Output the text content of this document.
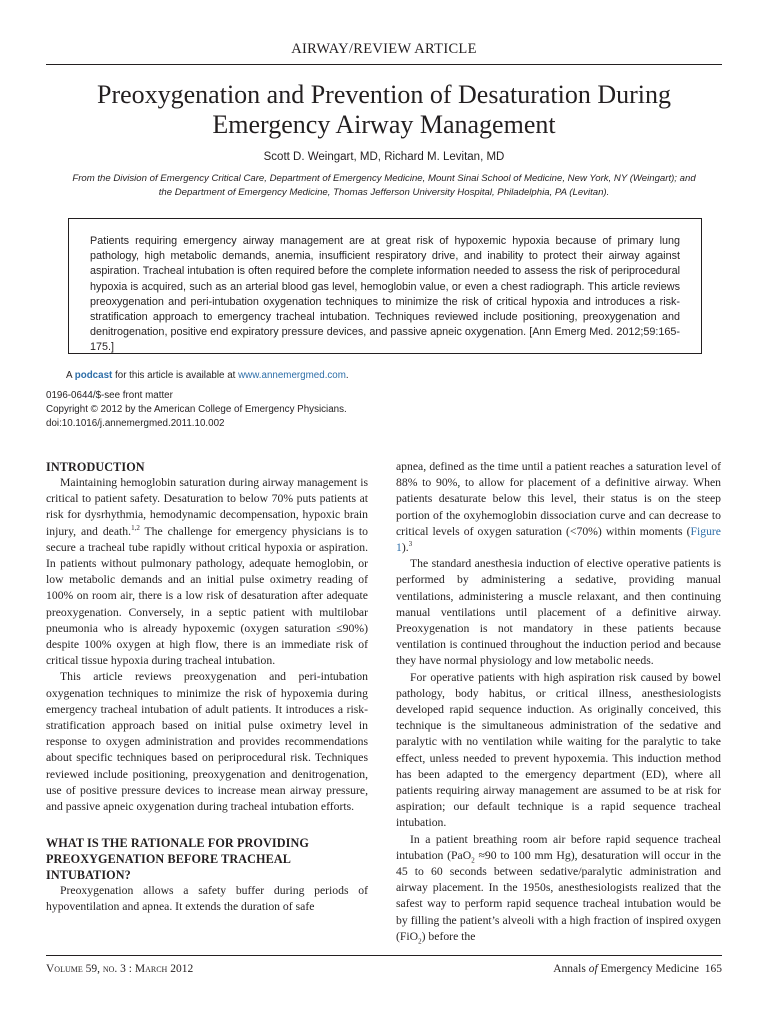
AIRWAY/REVIEW ARTICLE
Preoxygenation and Prevention of Desaturation During
Emergency Airway Management
Scott D. Weingart, MD, Richard M. Levitan, MD
From the Division of Emergency Critical Care, Department of Emergency Medicine, Mount Sinai School of Medicine, New York, NY (Weingart); and
the Department of Emergency Medicine, Thomas Jefferson University Hospital, Philadelphia, PA (Levitan).
Patients requiring emergency airway management are at great risk of hypoxemic hypoxia because of primary lung pathology, high metabolic demands, anemia, insufficient respiratory drive, and inability to protect their airway against aspiration. Tracheal intubation is often required before the complete information needed to assess the risk of periprocedural hypoxia is acquired, such as an arterial blood gas level, hemoglobin value, or even a chest radiograph. This article reviews preoxygenation and peri-intubation oxygenation techniques to minimize the risk of critical hypoxia and introduces a risk-stratification approach to emergency tracheal intubation. Techniques reviewed include positioning, preoxygenation and denitrogenation, positive end expiratory pressure devices, and passive apneic oxygenation. [Ann Emerg Med. 2012;59:165-175.]
A podcast for this article is available at www.annemergmed.com.
0196-0644/$-see front matter
Copyright © 2012 by the American College of Emergency Physicians.
doi:10.1016/j.annemergmed.2011.10.002
INTRODUCTION

Maintaining hemoglobin saturation during airway management is critical to patient safety. Desaturation to below 70% puts patients at risk for dysrhythmia, hemodynamic decompensation, hypoxic brain injury, and death.$^{1,2}$ The challenge for emergency physicians is to secure a tracheal tube rapidly without critical hypoxia or aspiration. In patients without pulmonary pathology, adequate hemoglobin, or low metabolic demands and an initial pulse oximetry reading of 100% on room air, there is a low risk of desaturation after adequate preoxygenation. Conversely, in a septic patient with multilobar pneumonia who is already hypoxemic (oxygen saturation ≤90%) despite 100% oxygen at high flow, there is an immediate risk of critical tissue hypoxia during tracheal intubation.

This article reviews preoxygenation and peri-intubation oxygenation techniques to minimize the risk of hypoxemia during emergency tracheal intubation of adult patients. It introduces a risk-stratification approach based on initial pulse oximetry level in response to oxygen administration and provides recommendations about specific techniques based on periprocedural risk. Techniques reviewed include positioning, preoxygenation and denitrogenation, use of positive pressure devices to increase mean airway pressure, and passive apneic oxygenation during tracheal intubation efforts.

WHAT IS THE RATIONALE FOR PROVIDING
PREOXYGENATION BEFORE TRACHEAL
INTUBATION?

Preoxygenation allows a safety buffer during periods of hypoventilation and apnea. It extends the duration of safe

apnea, defined as the time until a patient reaches a saturation level of 88% to 90%, to allow for placement of a definitive airway. When patients desaturate below this level, their status is on the steep portion of the oxyhemoglobin dissociation curve and can decrease to critical levels of oxygen saturation (<70%) within moments (Figure 1).$^3$

The standard anesthesia induction of elective operative patients is performed by administering a sedative, providing manual ventilations, administering a muscle relaxant, and then continuing manual ventilations until placement of a definitive airway. Preoxygenation is not mandatory in these patients because ventilation is continued throughout the induction period and because they have normal physiology and low metabolic needs.

For operative patients with high aspiration risk caused by bowel pathology, body habitus, or critical illness, anesthesiologists developed rapid sequence induction. As originally conceived, this technique is the simultaneous administration of the sedative and paralytic with no ventilation while waiting for the paralytic to take effect, unless needed to prevent hypoxemia. This induction method has been adapted to the emergency department (ED), where all patients requiring airway management are assumed to be at risk for aspiration; our default technique is a rapid sequence tracheal intubation.

In a patient breathing room air before rapid sequence tracheal intubation (PaO$_2$ ≈90 to 100 mm Hg), desaturation will occur in the 45 to 60 seconds between sedative/paralytic administration and airway placement. In the 1950s, anesthesiologists realized that the safest way to perform rapid sequence tracheal intubation would be by filling the patient’s alveoli with a high fraction of inspired oxygen (FiO$_2$) before the

Volume 59, no. 3 : March 2012	Annals of Emergency Medicine 165
